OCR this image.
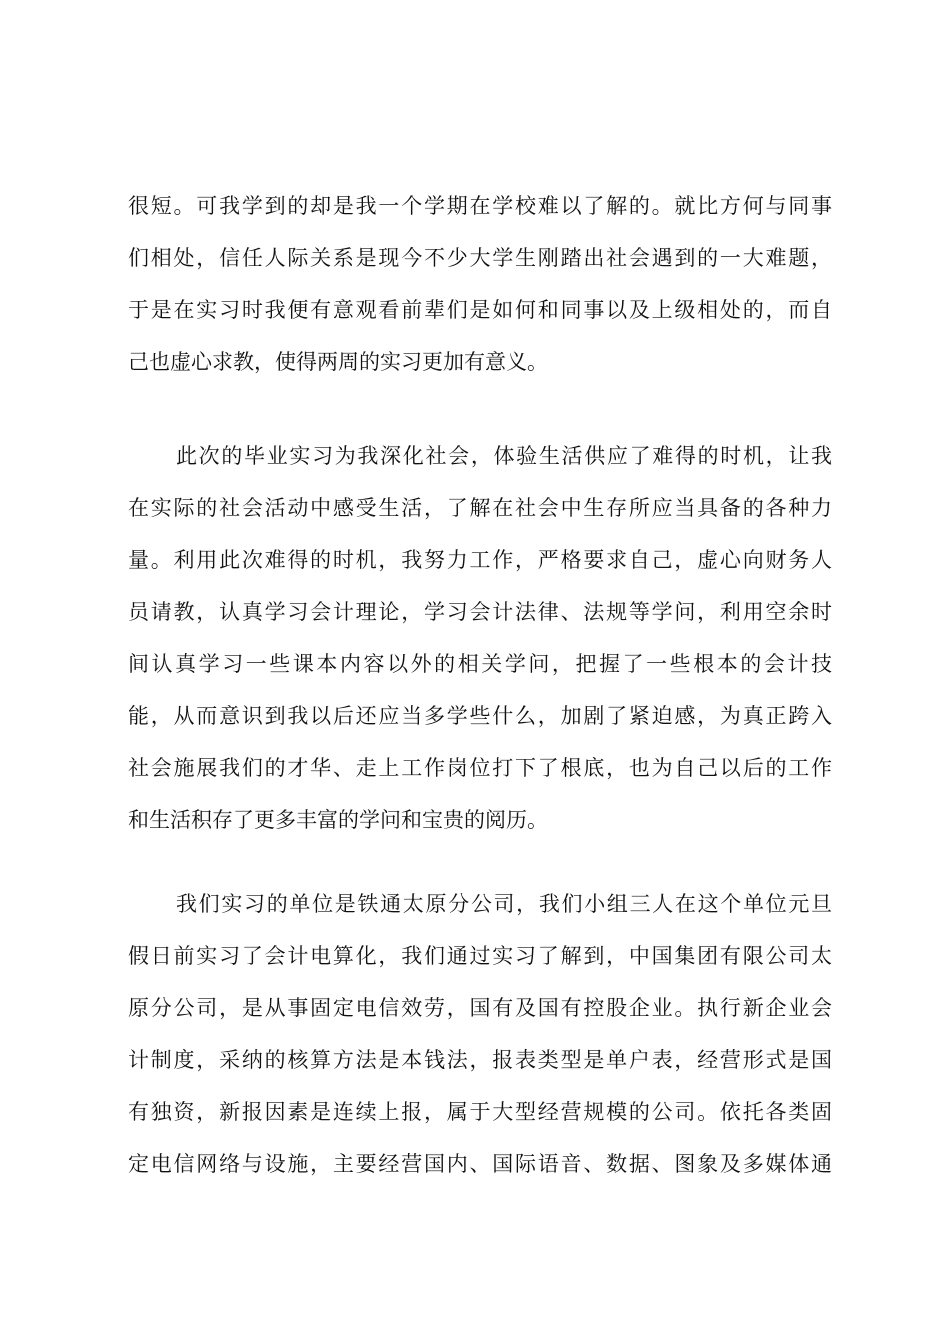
很短。可我学到的却是我一个学期在学校难以了解的。就比方何与同事
们相处，信任人际关系是现今不少大学生刚踏出社会遇到的一大难题，
于是在实习时我便有意观看前辈们是如何和同事以及上级相处的，而自
己也虚心求教，使得两周的实习更加有意义。
此次的毕业实习为我深化社会，体验生活供应了难得的时机，让我
在实际的社会活动中感受生活，了解在社会中生存所应当具备的各种力
量。利用此次难得的时机，我努力工作，严格要求自己，虚心向财务人
员请教，认真学习会计理论，学习会计法律、法规等学问，利用空余时
间认真学习一些课本内容以外的相关学问，把握了一些根本的会计技
能，从而意识到我以后还应当多学些什么，加剧了紧迫感，为真正跨入
社会施展我们的才华、走上工作岗位打下了根底，也为自己以后的工作
和生活积存了更多丰富的学问和宝贵的阅历。
我们实习的单位是铁通太原分公司，我们小组三人在这个单位元旦
假日前实习了会计电算化，我们通过实习了解到，中国集团有限公司太
原分公司，是从事固定电信效劳，国有及国有控股企业。执行新企业会
计制度，采纳的核算方法是本钱法，报表类型是单户表，经营形式是国
有独资，新报因素是连续上报，属于大型经营规模的公司。依托各类固
定电信网络与设施，主要经营国内、国际语音、数据、图象及多媒体通
